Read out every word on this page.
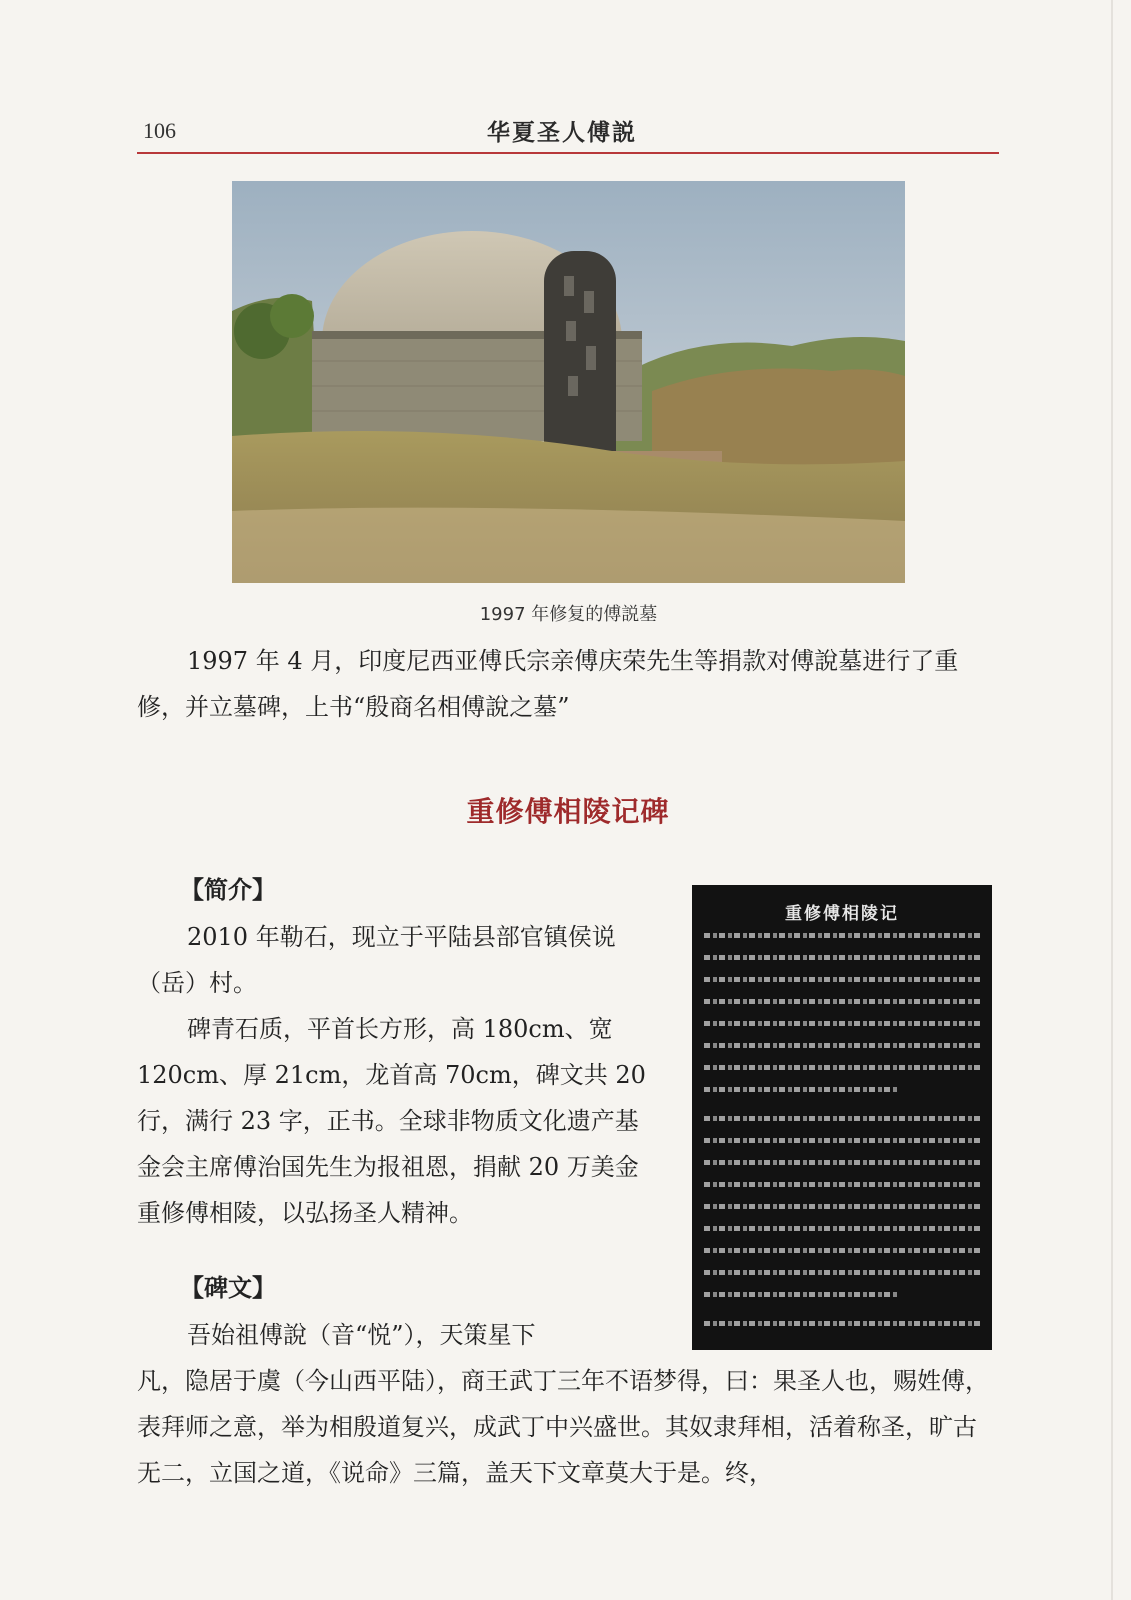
106	华夏圣人傅説
1997 年修复的傅説墓
1997 年 4 月，印度尼西亚傅氏宗亲傅庆荣先生等捐款对傅說墓进行了重修，并立墓碑，上书“殷商名相傅說之墓”
重修傅相陵记碑
【简介】

2010 年勒石，现立于平陆县部官镇侯说（岳）村。

碑青石质，平首长方形，高 180cm、宽 120cm、厚 21cm，龙首高 70cm，碑文共 20 行，满行 23 字，正书。全球非物质文化遗产基金会主席傅治国先生为报祖恩，捐献 20 万美金重修傅相陵，以弘扬圣人精神。

重修傅相陵记
【碑文】

吾始祖傅說（音“悦”），天策星下

凡，隐居于虞（今山西平陆），商王武丁三年不语梦得，曰：果圣人也，赐姓傅，表拜师之意，举为相殷道复兴，成武丁中兴盛世。其奴隶拜相，活着称圣，旷古无二，立国之道，《说命》三篇，盖天下文章莫大于是。终，
